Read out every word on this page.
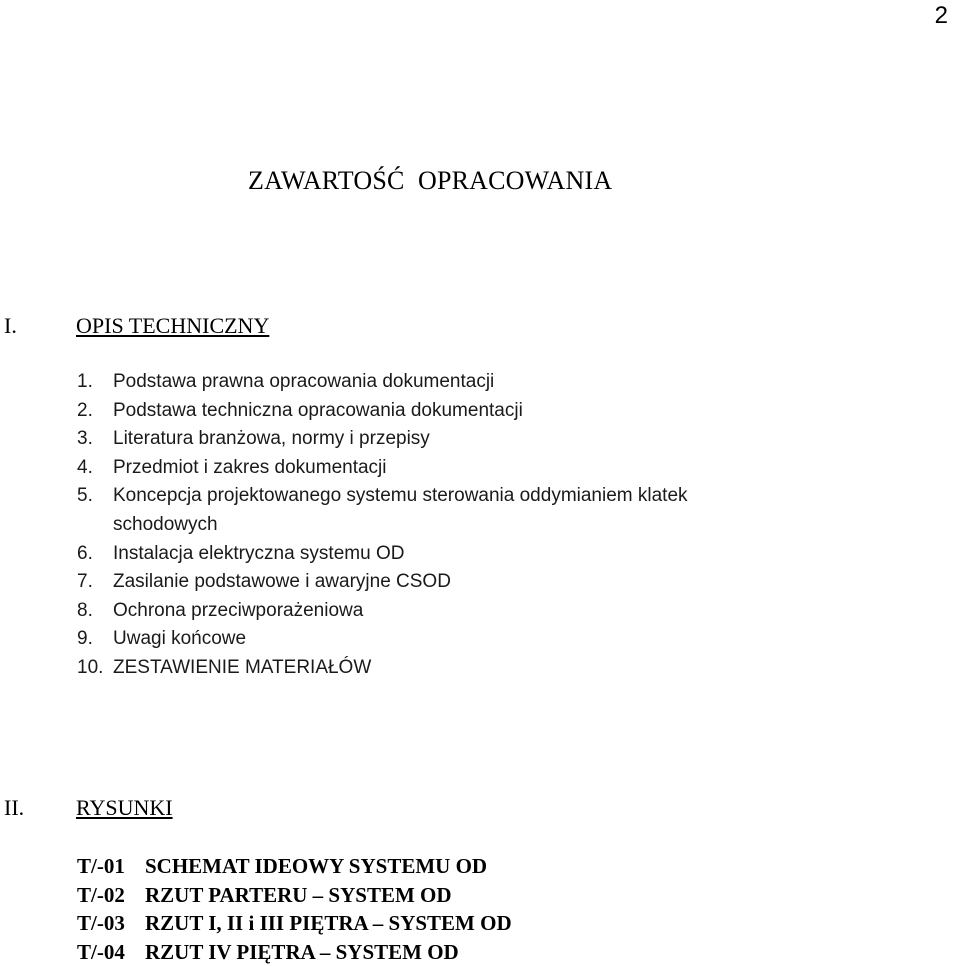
2
ZAWARTOŚĆ  OPRACOWANIA
I.	OPIS TECHNICZNY
1.	Podstawa prawna opracowania dokumentacji
2.	Podstawa techniczna opracowania dokumentacji
3.	Literatura branżowa, normy i przepisy
4.	Przedmiot i zakres dokumentacji
5.	Koncepcja projektowanego systemu sterowania oddymianiem klatek schodowych
6.	Instalacja elektryczna systemu OD
7.	Zasilanie podstawowe i awaryjne CSOD
8.	Ochrona przeciwporażeniowa
9.	Uwagi końcowe
10. ZESTAWIENIE MATERIAŁÓW
II. RYSUNKI
T/-01 SCHEMAT IDEOWY SYSTEMU OD
T/-02 RZUT PARTERU – SYSTEM OD
T/-03 RZUT I, II i III PIĘTRA – SYSTEM OD
T/-04 RZUT IV PIĘTRA – SYSTEM OD
